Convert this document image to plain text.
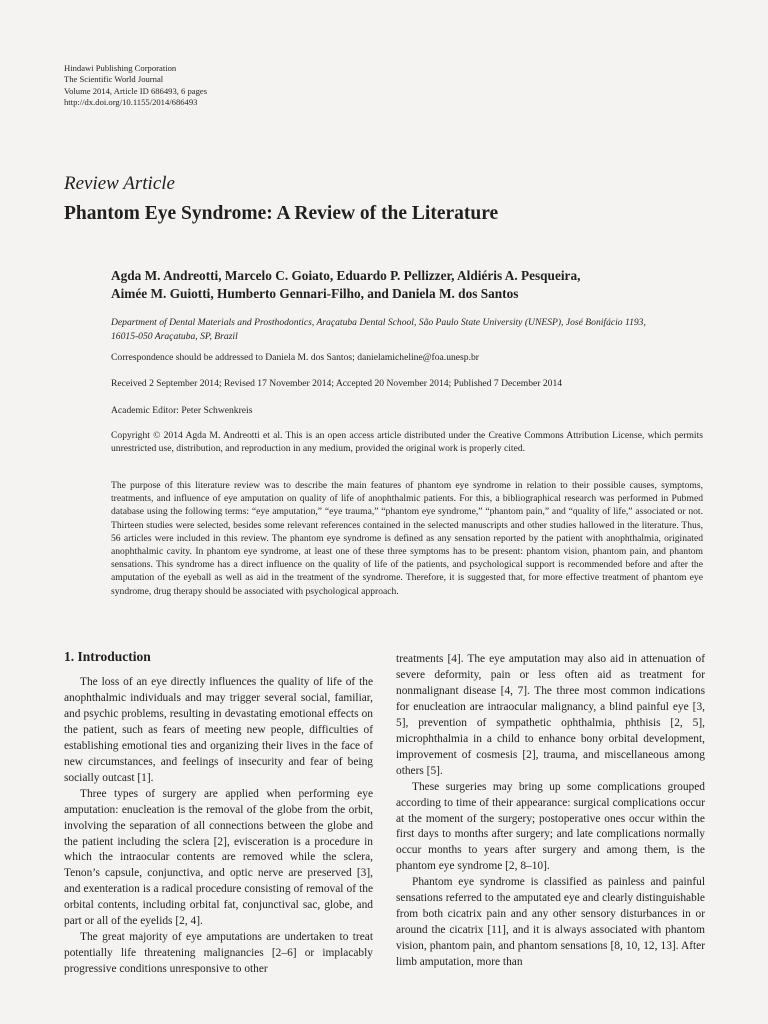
Hindawi Publishing Corporation
The Scientific World Journal
Volume 2014, Article ID 686493, 6 pages
http://dx.doi.org/10.1155/2014/686493
Review Article
Phantom Eye Syndrome: A Review of the Literature
Agda M. Andreotti, Marcelo C. Goiato, Eduardo P. Pellizzer, Aldiéris A. Pesqueira,
Aimée M. Guiotti, Humberto Gennari-Filho, and Daniela M. dos Santos
Department of Dental Materials and Prosthodontics, Araçatuba Dental School, São Paulo State University (UNESP), José Bonifácio 1193, 16015-050 Araçatuba, SP, Brazil
Correspondence should be addressed to Daniela M. dos Santos; danielamicheline@foa.unesp.br
Received 2 September 2014; Revised 17 November 2014; Accepted 20 November 2014; Published 7 December 2014
Academic Editor: Peter Schwenkreis
Copyright © 2014 Agda M. Andreotti et al. This is an open access article distributed under the Creative Commons Attribution License, which permits unrestricted use, distribution, and reproduction in any medium, provided the original work is properly cited.
The purpose of this literature review was to describe the main features of phantom eye syndrome in relation to their possible causes, symptoms, treatments, and influence of eye amputation on quality of life of anophthalmic patients. For this, a bibliographical research was performed in Pubmed database using the following terms: “eye amputation,” “eye trauma,” “phantom eye syndrome,” “phantom pain,” and “quality of life,” associated or not. Thirteen studies were selected, besides some relevant references contained in the selected manuscripts and other studies hallowed in the literature. Thus, 56 articles were included in this review. The phantom eye syndrome is defined as any sensation reported by the patient with anophthalmia, originated anophthalmic cavity. In phantom eye syndrome, at least one of these three symptoms has to be present: phantom vision, phantom pain, and phantom sensations. This syndrome has a direct influence on the quality of life of the patients, and psychological support is recommended before and after the amputation of the eyeball as well as aid in the treatment of the syndrome. Therefore, it is suggested that, for more effective treatment of phantom eye syndrome, drug therapy should be associated with psychological approach.
1. Introduction

The loss of an eye directly influences the quality of life of the anophthalmic individuals and may trigger several social, familiar, and psychic problems, resulting in devastating emotional effects on the patient, such as fears of meeting new people, difficulties of establishing emotional ties and organizing their lives in the face of new circumstances, and feelings of insecurity and fear of being socially outcast [1].

Three types of surgery are applied when performing eye amputation: enucleation is the removal of the globe from the orbit, involving the separation of all connections between the globe and the patient including the sclera [2], evisceration is a procedure in which the intraocular contents are removed while the sclera, Tenon’s capsule, conjunctiva, and optic nerve are preserved [3], and exenteration is a radical procedure consisting of removal of the orbital contents, including orbital fat, conjunctival sac, globe, and part or all of the eyelids [2, 4].

The great majority of eye amputations are undertaken to treat potentially life threatening malignancies [2–6] or implacably progressive conditions unresponsive to other

treatments [4]. The eye amputation may also aid in attenuation of severe deformity, pain or less often aid as treatment for nonmalignant disease [4, 7]. The three most common indications for enucleation are intraocular malignancy, a blind painful eye [3, 5], prevention of sympathetic ophthalmia, phthisis [2, 5], microphthalmia in a child to enhance bony orbital development, improvement of cosmesis [2], trauma, and miscellaneous among others [5].

These surgeries may bring up some complications grouped according to time of their appearance: surgical complications occur at the moment of the surgery; postoperative ones occur within the first days to months after surgery; and late complications normally occur months to years after surgery and among them, is the phantom eye syndrome [2, 8–10].

Phantom eye syndrome is classified as painless and painful sensations referred to the amputated eye and clearly distinguishable from both cicatrix pain and any other sensory disturbances in or around the cicatrix [11], and it is always associated with phantom vision, phantom pain, and phantom sensations [8, 10, 12, 13]. After limb amputation, more than
